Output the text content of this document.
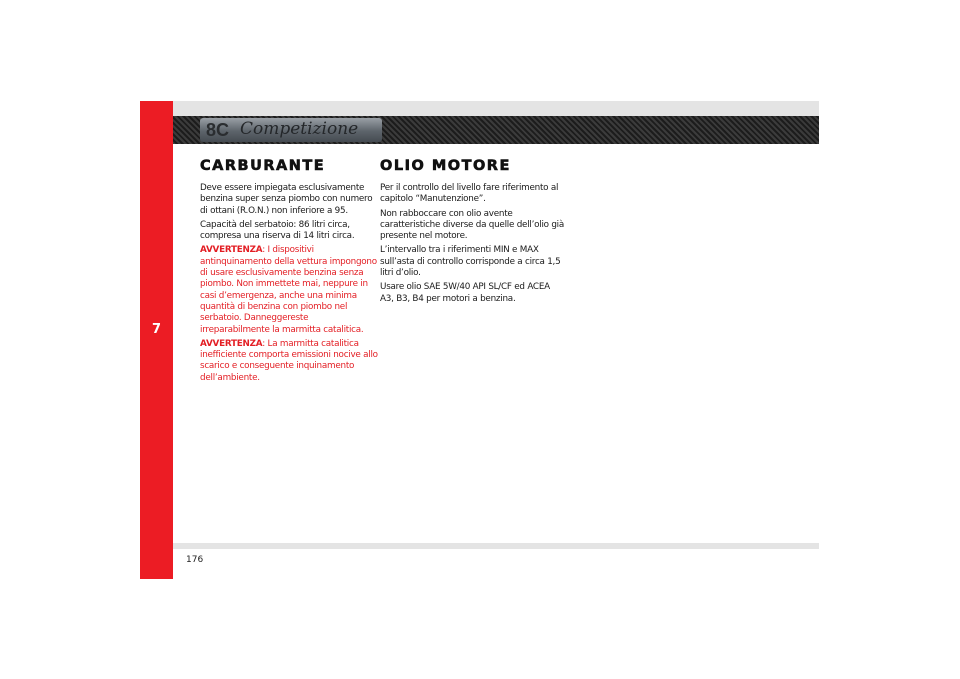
7
8C Competizione
CARBURANTE

Deve essere impiegata esclusivamente benzina super senza piombo con numero di ottani (R.O.N.) non inferiore a 95.

Capacità del serbatoio: 86 litri circa, compresa una riserva di 14 litri circa.

AVVERTENZA: I dispositivi antinquinamento della vettura impongono di usare esclusivamente benzina senza piombo. Non immettete mai, neppure in casi d’emergenza, anche una minima quantità di benzina con piombo nel serbatoio. Danneggereste irreparabilmente la marmitta catalitica.

AVVERTENZA: La marmitta catalitica inefficiente comporta emissioni nocive allo scarico e conseguente inquinamento dell’ambiente.

OLIO MOTORE

Per il controllo del livello fare riferimento al capitolo “Manutenzione”.

Non rabboccare con olio avente caratteristiche diverse da quelle dell’olio già presente nel motore.

L’intervallo tra i riferimenti MIN e MAX sull’asta di controllo corrisponde a circa 1,5 litri d’olio.

Usare olio SAE 5W/40 API SL/CF ed ACEA A3, B3, B4 per motori a benzina.

176
